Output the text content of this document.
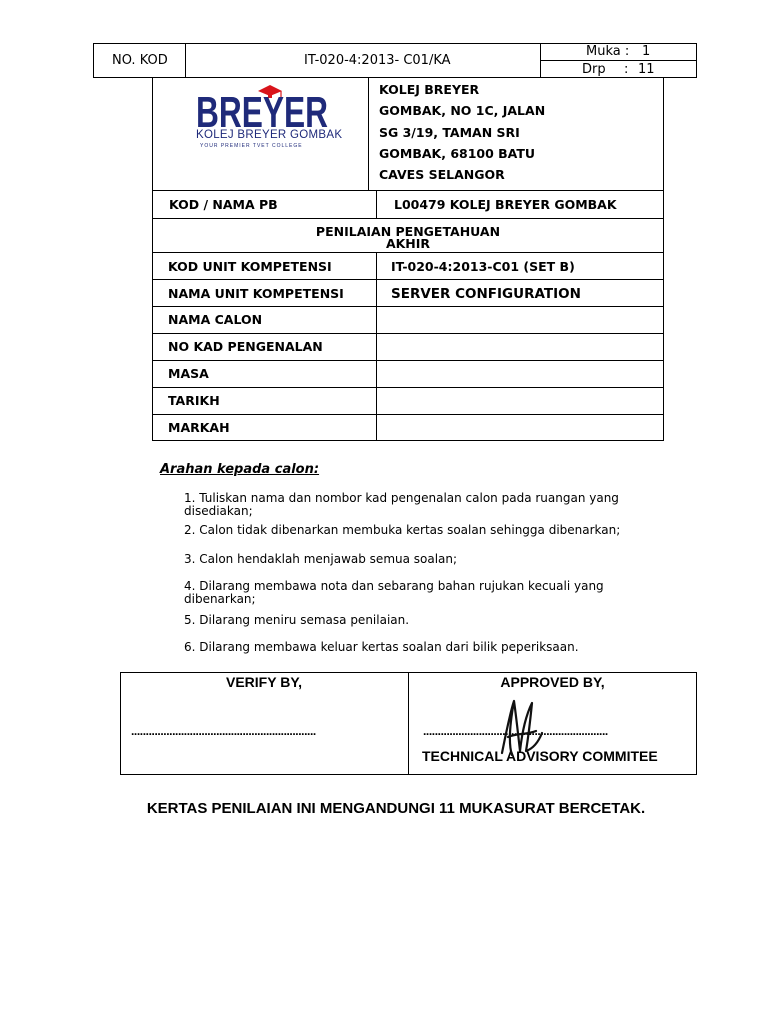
NO. KOD	IT-020-4:2013- C01/KA
Muka : 1
Drp : 11
BREYER
KOLEJ BREYER GOMBAK
YOUR PREMIER TVET COLLEGE
KOLEJ BREYER
GOMBAK, NO 1C, JALAN
SG 3/19, TAMAN SRI
GOMBAK, 68100 BATU
CAVES SELANGOR
KOD / NAMA PB	L00479 KOLEJ BREYER GOMBAK
PENILAIAN PENGETAHUAN
AKHIR
KOD UNIT KOMPETENSI	IT-020-4:2013-C01 (SET B)
NAMA UNIT KOMPETENSI	SERVER CONFIGURATION
NAMA CALON
NO KAD PENGENALAN
MASA
TARIKH
MARKAH
Arahan kepada calon:
1. Tuliskan nama dan nombor kad pengenalan calon pada ruangan yang disediakan;
2. Calon tidak dibenarkan membuka kertas soalan sehingga dibenarkan;
3. Calon hendaklah menjawab semua soalan;
4. Dilarang membawa nota dan sebarang bahan rujukan kecuali yang dibenarkan;
5. Dilarang meniru semasa penilaian.
6. Dilarang membawa keluar kertas soalan dari bilik peperiksaan.
VERIFY BY,
...............................................................
APPROVED BY,
...............................................................
TECHNICAL ADVISORY COMMITEE
KERTAS PENILAIAN INI MENGANDUNGI 11 MUKASURAT BERCETAK.
